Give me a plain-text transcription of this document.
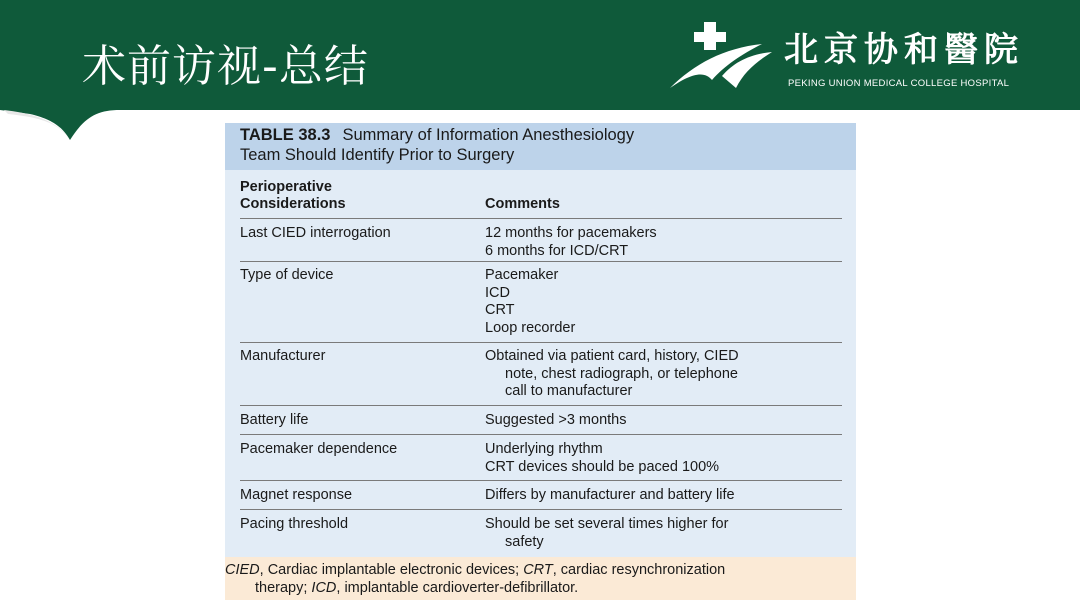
术前访视-总结	北京协和醫院
PEKING UNION MEDICAL COLLEGE HOSPITAL
TABLE 38.3 Summary of Information Anesthesiology
Team Should Identify Prior to Surgery
Perioperative
Considerations	Comments
Last CIED interrogation	12 months for pacemakers
6 months for ICD/CRT
Type of device	Pacemaker
ICD
CRT
Loop recorder
Manufacturer	Obtained via patient card, history, CIED
note, chest radiograph, or telephone
call to manufacturer
Battery life	Suggested >3 months
Pacemaker dependence	Underlying rhythm
CRT devices should be paced 100%
Magnet response	Differs by manufacturer and battery life
Pacing threshold	Should be set several times higher for
safety
CIED, Cardiac implantable electronic devices; CRT, cardiac resynchronization
therapy; ICD, implantable cardioverter-defibrillator.
